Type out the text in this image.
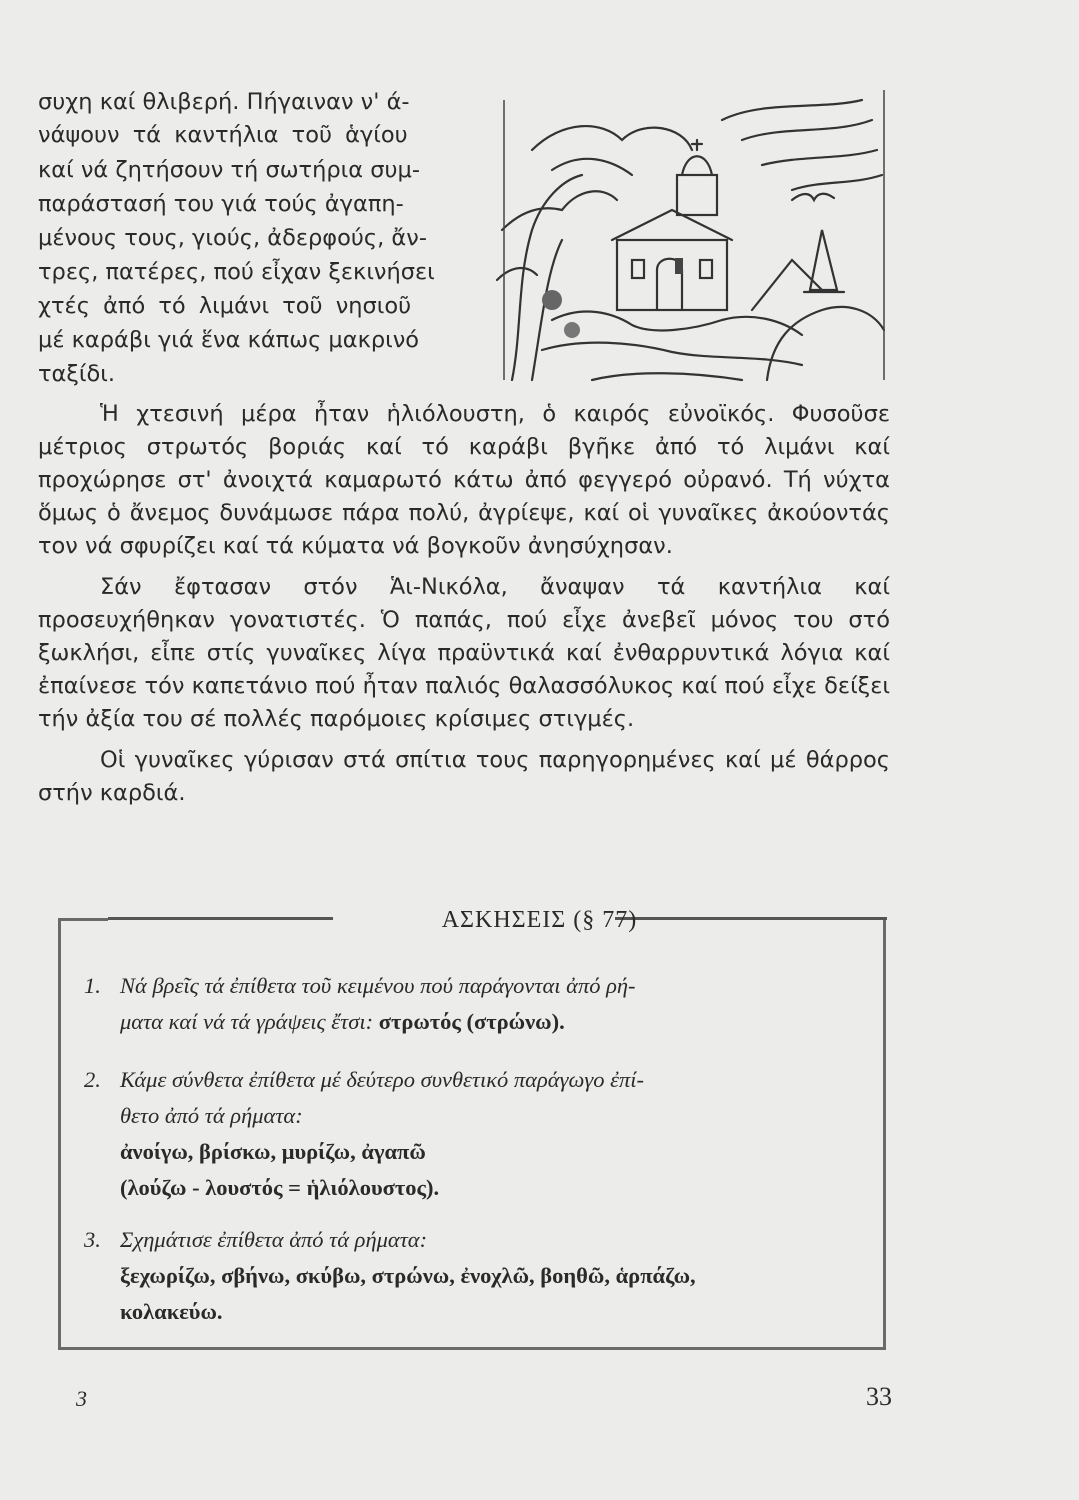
συχη καί θλιβερή. Πήγαιναν ν' ά-
νάψουν τά καντήλια τοῦ ἁγίου
καί νά ζητήσουν τή σωτήρια συμ-
παράστασή του γιά τούς ἀγαπη-
μένους τους, γιούς, ἀδερφούς, ἄν-
τρες, πατέρες, πού εἶχαν ξεκινήσει
χτές ἀπό τό λιμάνι τοῦ νησιοῦ
μέ καράβι γιά ἕνα κάπως μακρινό
ταξίδι.

Ἡ χτεσινή μέρα ἦταν ἡλιόλουστη, ὁ καιρός εὐνοϊκός. Φυσοῦσε μέτριος στρωτός βοριάς καί τό καράβι βγῆκε ἀπό τό λιμάνι καί προχώρησε στ' ἀνοιχτά καμαρωτό κάτω ἀπό φεγγερό οὐρανό. Τή νύχτα ὅμως ὁ ἄνεμος δυνάμωσε πάρα πολύ, ἀγρίεψε, καί οἱ γυναῖκες ἀκούοντάς τον νά σφυρίζει καί τά κύματα νά βογκοῦν ἀνησύχησαν.

Σάν ἔφτασαν στόν Ἁι-Νικόλα, ἄναψαν τά καντήλια καί προσευχήθηκαν γονατιστές. Ὁ παπάς, πού εἶχε ἀνεβεῖ μόνος του στό ξωκλήσι, εἶπε στίς γυναῖκες λίγα πραϋντικά καί ἐνθαρρυντικά λόγια καί ἐπαίνεσε τόν καπετάνιο πού ἦταν παλιός θαλασσόλυκος καί πού εἶχε δείξει τήν ἀξία του σέ πολλές παρόμοιες κρίσιμες στιγμές.

Οἱ γυναῖκες γύρισαν στά σπίτια τους παρηγορημένες καί μέ θάρρος στήν καρδιά.

ΑΣΚΗΣΕΙΣ (§ 77)
1. Νά βρεῖς τά ἐπίθετα τοῦ κειμένου πού παράγονται ἀπό ρή-
ματα καί νά τά γράψεις ἔτσι: στρωτός (στρώνω).
2. Κάμε σύνθετα ἐπίθετα μέ δεύτερο συνθετικό παράγωγο ἐπί-
θετο ἀπό τά ρήματα:
ἀνοίγω, βρίσκω, μυρίζω, ἀγαπῶ
(λούζω - λουστός = ἡλιόλουστος).
3. Σχημάτισε ἐπίθετα ἀπό τά ρήματα:
ξεχωρίζω, σβήνω, σκύβω, στρώνω, ἐνοχλῶ, βοηθῶ, ἁρπάζω,
κολακεύω.
3	33
